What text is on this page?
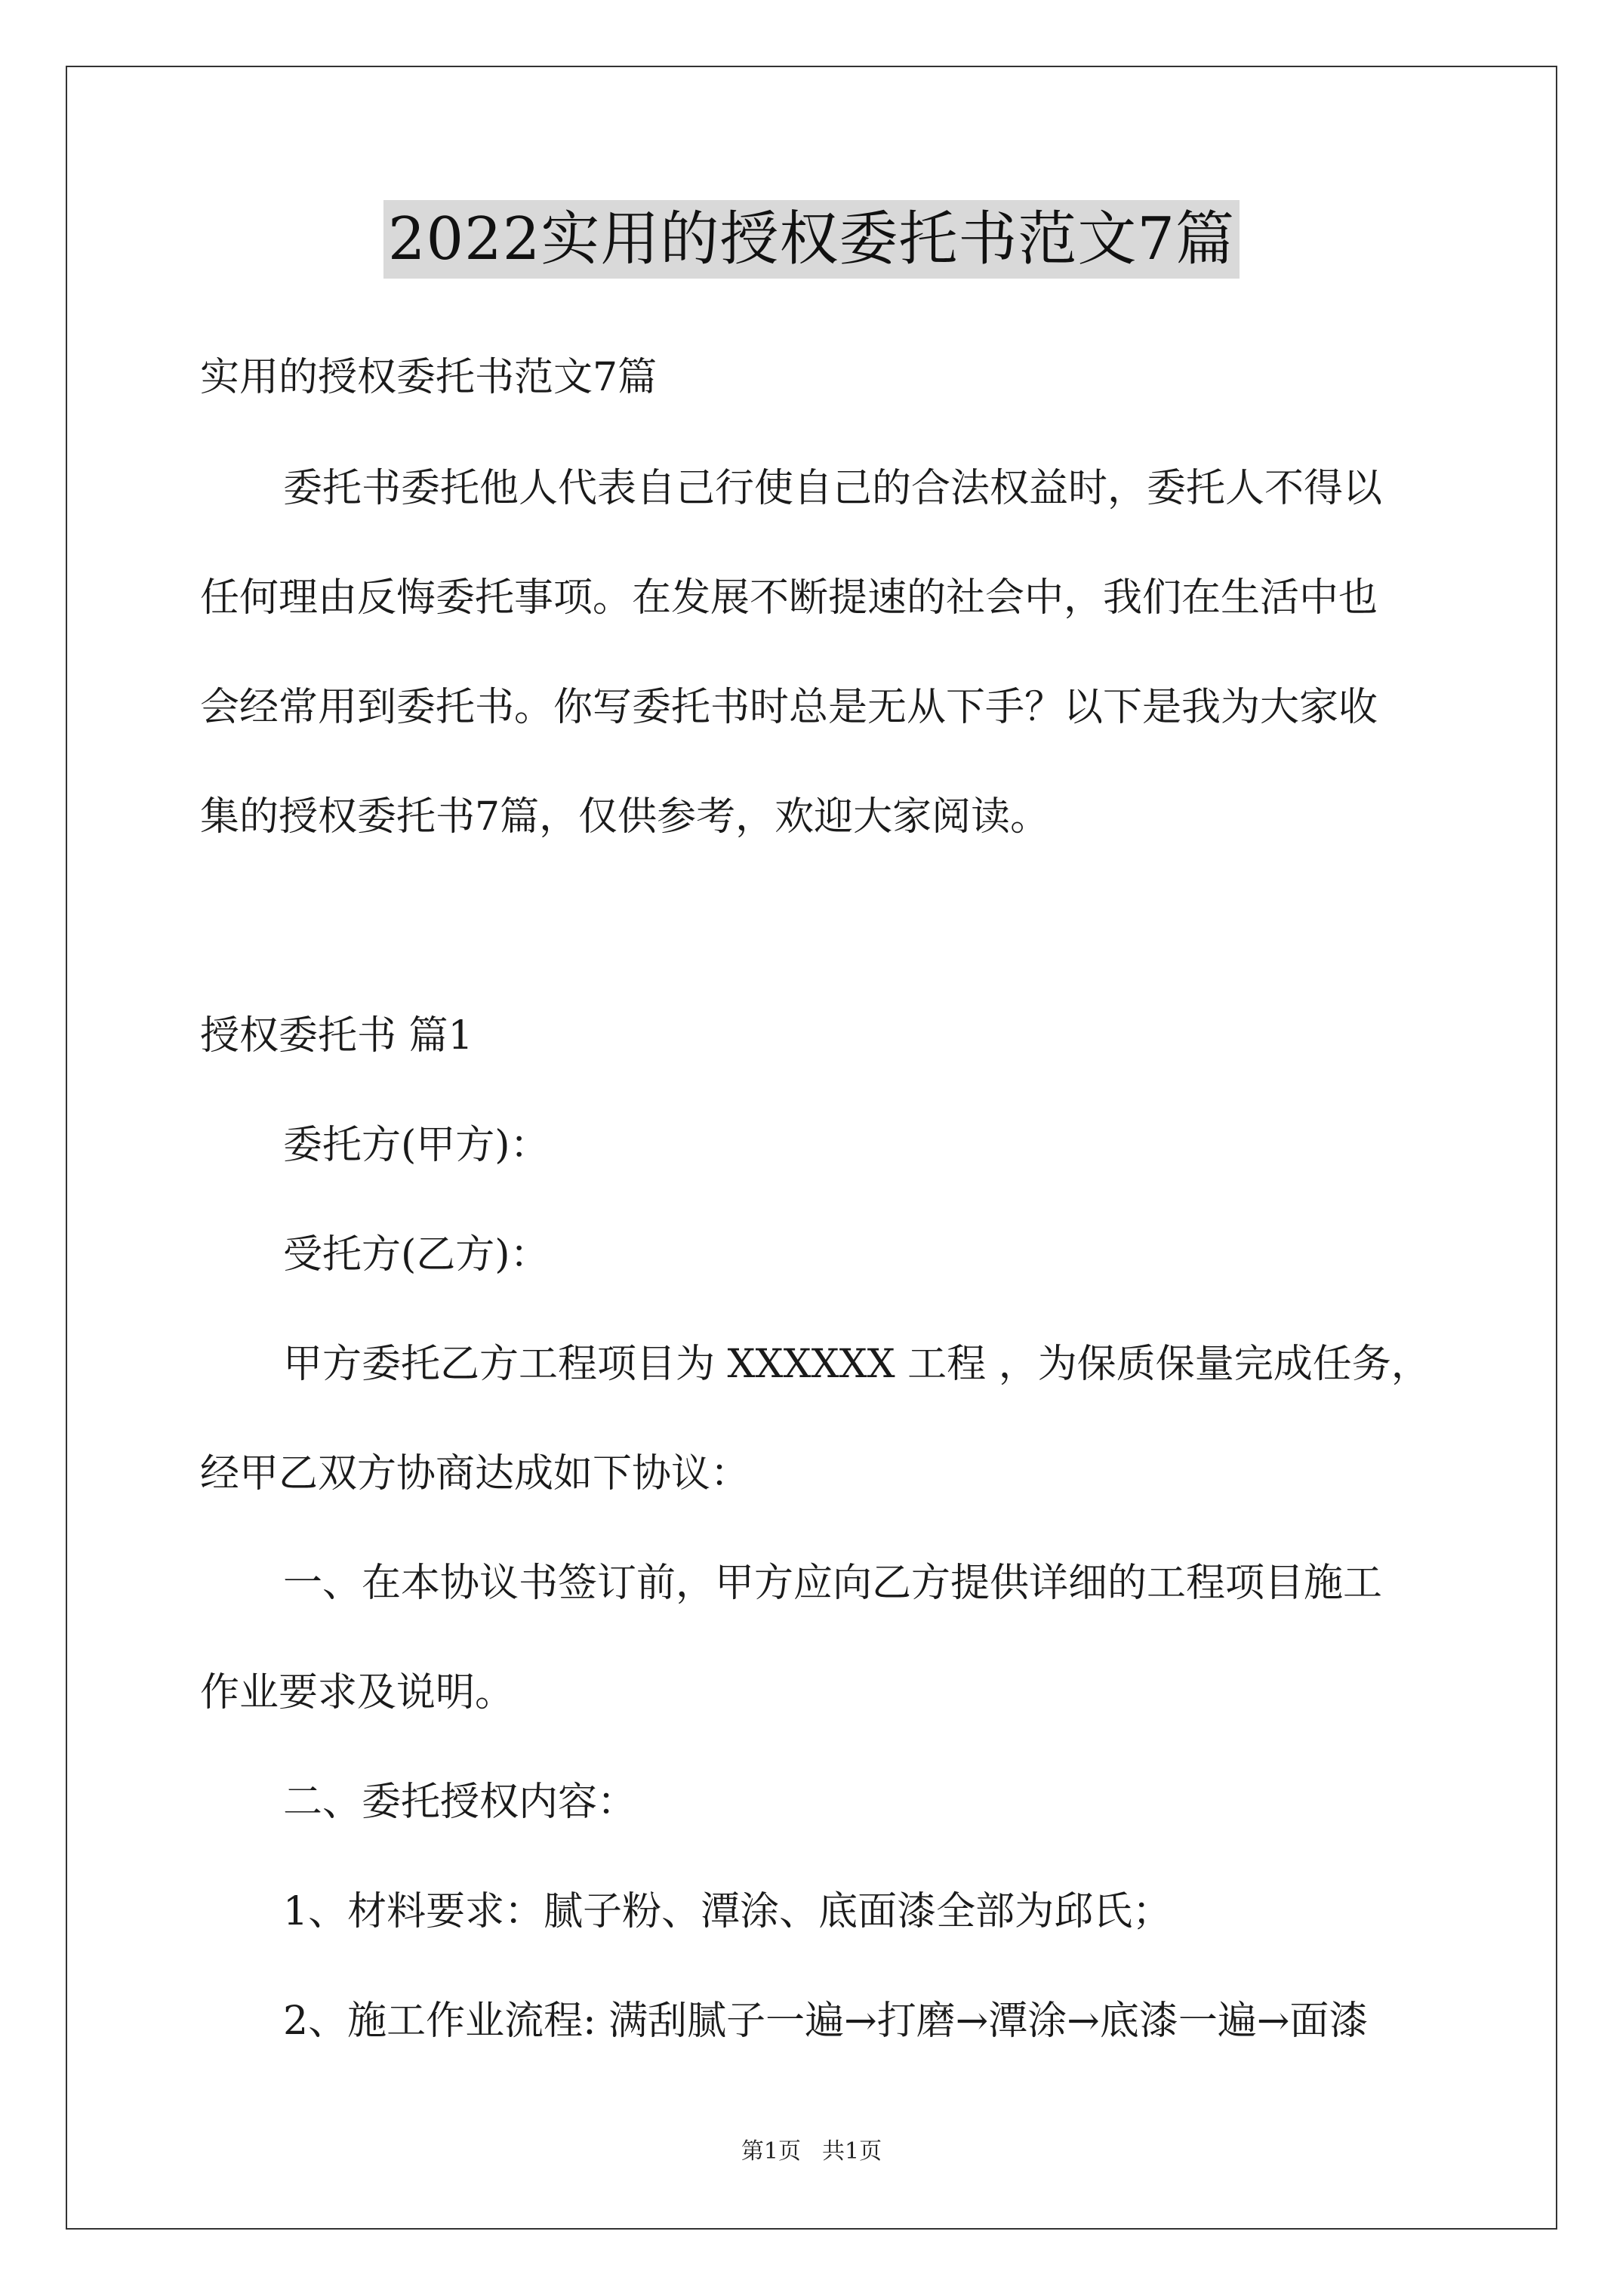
2022实用的授权委托书范文7篇

实用的授权委托书范文7篇

委托书委托他人代表自己行使自己的合法权益时，委托人不得以

任何理由反悔委托事项。在发展不断提速的社会中，我们在生活中也

会经常用到委托书。你写委托书时总是无从下手？以下是我为大家收

集的授权委托书7篇，仅供参考，欢迎大家阅读。

授权委托书 篇1

委托方(甲方)：

受托方(乙方)：

甲方委托乙方工程项目为 XXXXXX 工程 ，为保质保量完成任务，

经甲乙双方协商达成如下协议：

一、在本协议书签订前，甲方应向乙方提供详细的工程项目施工

作业要求及说明。

二、委托授权内容：

1、材料要求：腻子粉、潭涂、底面漆全部为邱氏；

2、施工作业流程: 满刮腻子一遍→打磨→潭涂→底漆一遍→面漆

第1页 共1页
